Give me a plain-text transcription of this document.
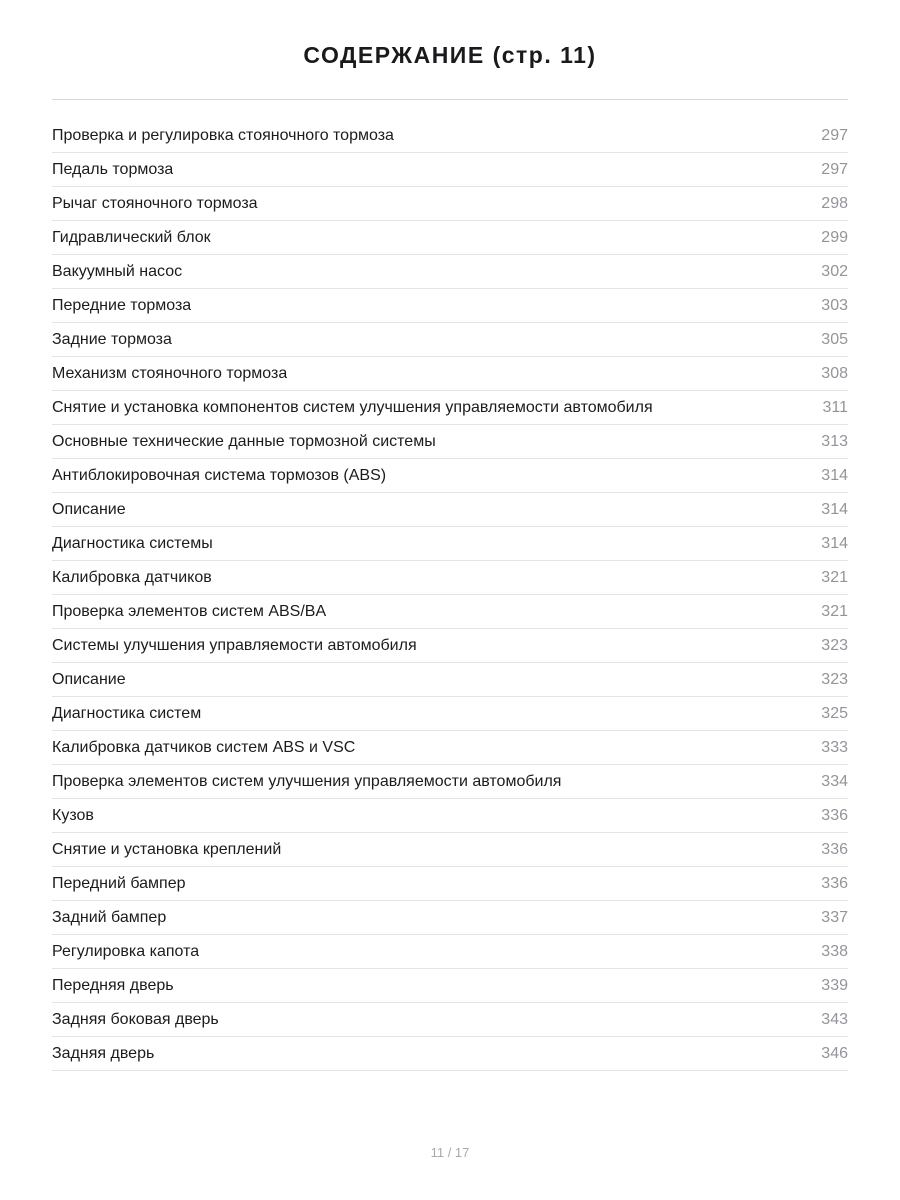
СОДЕРЖАНИЕ (стр. 11)
Проверка и регулировка стояночного тормоза	297
Педаль тормоза	297
Рычаг стояночного тормоза	298
Гидравлический блок	299
Вакуумный насос	302
Передние тормоза	303
Задние тормоза	305
Механизм стояночного тормоза	308
Снятие и установка компонентов систем улучшения управляемости автомобиля	311
Основные технические данные тормозной системы	313
Антиблокировочная система тормозов (ABS)	314
Описание	314
Диагностика системы	314
Калибровка датчиков	321
Проверка элементов систем ABS/BA	321
Системы улучшения управляемости автомобиля	323
Описание	323
Диагностика систем	325
Калибровка датчиков систем ABS и VSC	333
Проверка элементов систем улучшения управляемости автомобиля	334
Кузов	336
Снятие и установка креплений	336
Передний бампер	336
Задний бампер	337
Регулировка капота	338
Передняя дверь	339
Задняя боковая дверь	343
Задняя дверь	346
11 / 17
